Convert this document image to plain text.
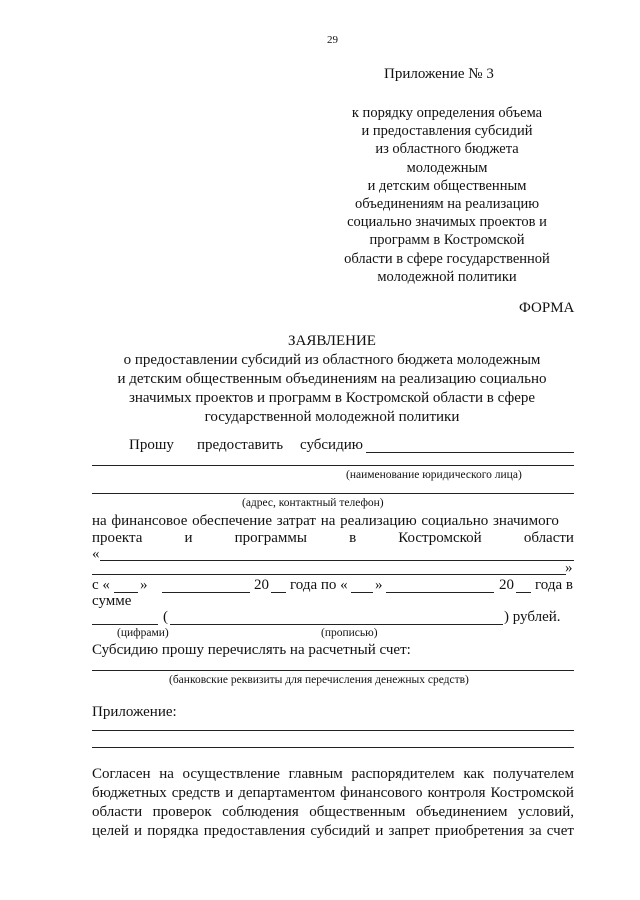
29
Приложение № 3
к порядку определения объема
и предоставления субсидий
из областного бюджета
молодежным
и детским общественным
объединениям на реализацию
социально значимых проектов и
программ в Костромской
области в сфере государственной
молодежной политики
ФОРМА
ЗАЯВЛЕНИЕ
о предоставлении субсидий из областного бюджета молодежным
и детским общественным объединениям на реализацию социально
значимых проектов и программ в Костромской области в сфере
государственной молодежной политики
Прошу предоставить субсидию
(наименование юридического лица)
(адрес, контактный телефон)
на финансовое обеспечение затрат на реализацию социально значимого
проекта	и	программы	в	Костромской	области
«
»
с « »	20 года по « »	20 года в
сумме
(	) рублей.
(цифрами)	(прописью)
Субсидию прошу перечислять на расчетный счет:
(банковские реквизиты для перечисления денежных средств)
Приложение:
Согласен на осуществление главным распорядителем как получателем
бюджетных средств и департаментом финансового контроля Костромской
области проверок соблюдения общественным объединением условий,
целей и порядка предоставления субсидий и запрет приобретения за счет
